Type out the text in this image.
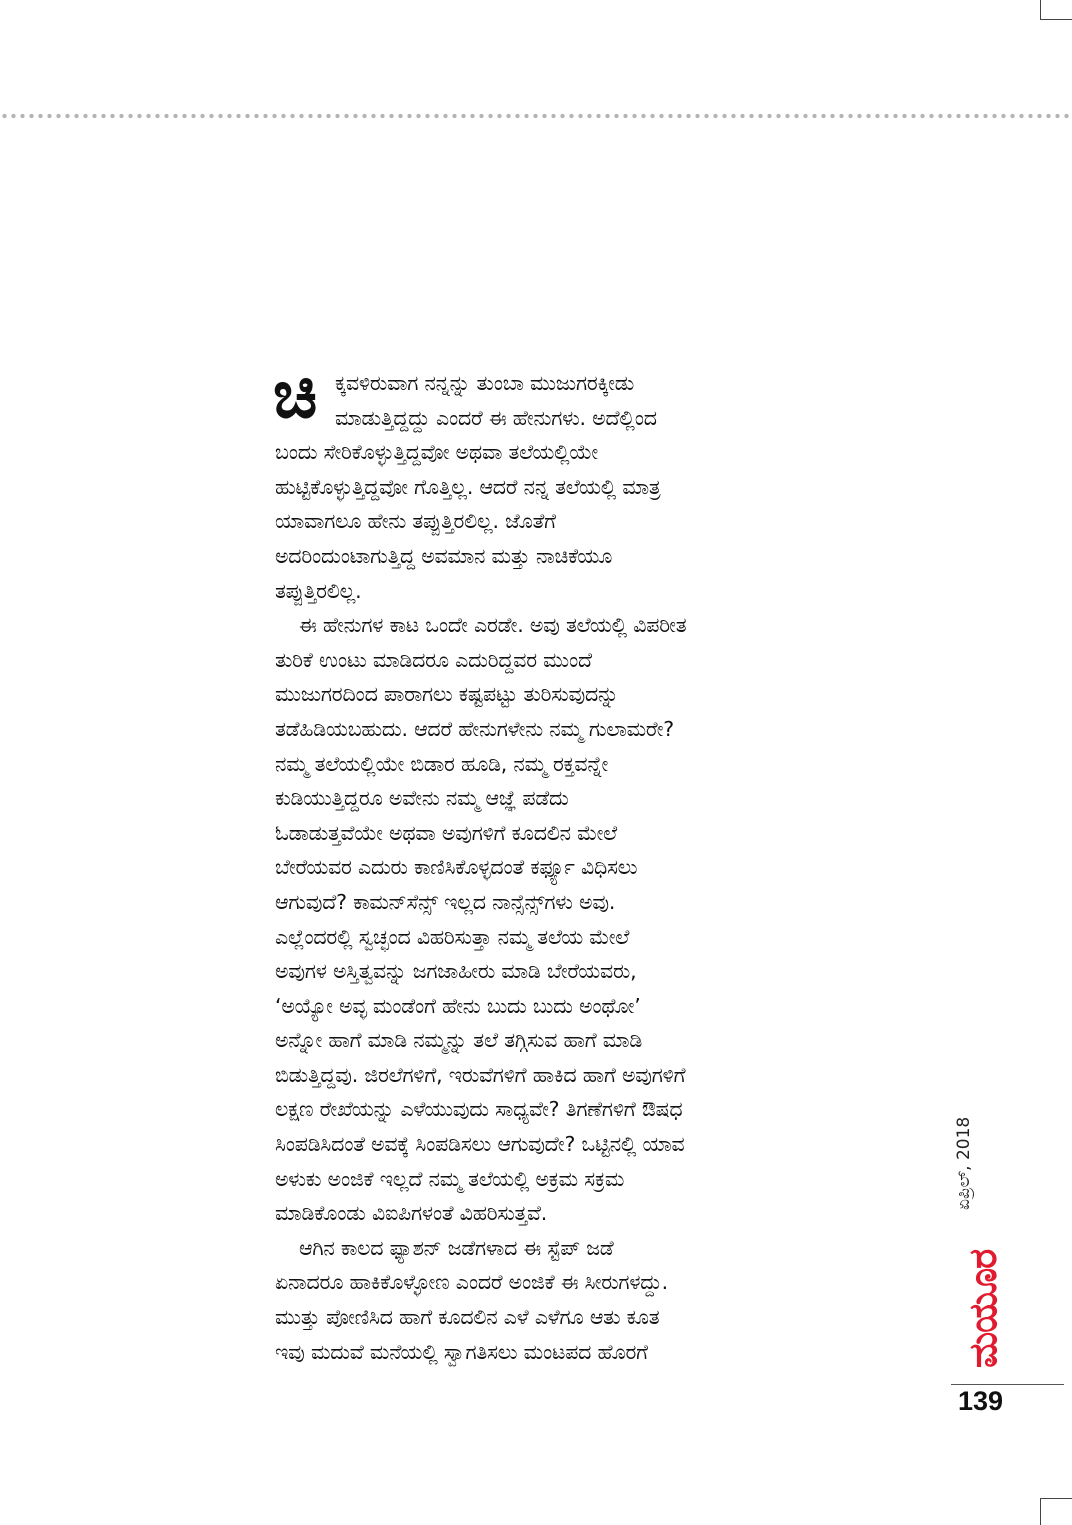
ಚಿ ಕ್ಕವಳಿರುವಾಗ ನನ್ನನ್ನು ತುಂಬಾ ಮುಜುಗರಕ್ಕೀಡು
ಮಾಡುತ್ತಿದ್ದದ್ದು ಎಂದರೆ ಈ ಹೇನುಗಳು. ಅದೆಲ್ಲಿಂದ
ಬಂದು ಸೇರಿಕೊಳ್ಳುತ್ತಿದ್ದವೋ ಅಥವಾ ತಲೆಯಲ್ಲಿಯೇ
ಹುಟ್ಟಿಕೊಳ್ಳುತ್ತಿದ್ದವೋ ಗೊತ್ತಿಲ್ಲ. ಆದರೆ ನನ್ನ ತಲೆಯಲ್ಲಿ ಮಾತ್ರ
ಯಾವಾಗಲೂ ಹೇನು ತಪ್ಪುತ್ತಿರಲಿಲ್ಲ. ಜೊತೆಗೆ
ಅದರಿಂದುಂಟಾಗುತ್ತಿದ್ದ ಅವಮಾನ ಮತ್ತು ನಾಚಿಕೆಯೂ
ತಪ್ಪುತ್ತಿರಲಿಲ್ಲ.
ಈ ಹೇನುಗಳ ಕಾಟ ಒಂದೇ ಎರಡೇ. ಅವು ತಲೆಯಲ್ಲಿ ವಿಪರೀತ
ತುರಿಕೆ ಉಂಟು ಮಾಡಿದರೂ ಎದುರಿದ್ದವರ ಮುಂದೆ
ಮುಜುಗರದಿಂದ ಪಾರಾಗಲು ಕಷ್ಟಪಟ್ಟು ತುರಿಸುವುದನ್ನು
ತಡೆಹಿಡಿಯಬಹುದು. ಆದರೆ ಹೇನುಗಳೇನು ನಮ್ಮ ಗುಲಾಮರೇ?
ನಮ್ಮ ತಲೆಯಲ್ಲಿಯೇ ಬಿಡಾರ ಹೂಡಿ, ನಮ್ಮ ರಕ್ತವನ್ನೇ
ಕುಡಿಯುತ್ತಿದ್ದರೂ ಅವೇನು ನಮ್ಮ ಆಜ್ಞೆ ಪಡೆದು
ಓಡಾಡುತ್ತವೆಯೇ ಅಥವಾ ಅವುಗಳಿಗೆ ಕೂದಲಿನ ಮೇಲೆ
ಬೇರೆಯವರ ಎದುರು ಕಾಣಿಸಿಕೊಳ್ಳದಂತೆ ಕರ್ಫ್ಯೂ ವಿಧಿಸಲು
ಆಗುವುದೆ? ಕಾಮನ್‌ಸೆನ್ಸ್ ಇಲ್ಲದ ನಾನ್ಸೆನ್ಸ್‌ಗಳು ಅವು.
ಎಲ್ಲೆಂದರಲ್ಲಿ ಸ್ವಚ್ಛಂದ ವಿಹರಿಸುತ್ತಾ ನಮ್ಮ ತಲೆಯ ಮೇಲೆ
ಅವುಗಳ ಅಸ್ತಿತ್ವವನ್ನು ಜಗಜಾಹೀರು ಮಾಡಿ ಬೇರೆಯವರು,
‘ಅಯ್ಯೋ ಅವ್ಳ ಮಂಡೆಂಗೆ ಹೇನು ಬುದು ಬುದು ಅಂಥೋ’
ಅನ್ನೋ ಹಾಗೆ ಮಾಡಿ ನಮ್ಮನ್ನು ತಲೆ ತಗ್ಗಿಸುವ ಹಾಗೆ ಮಾಡಿ
ಬಿಡುತ್ತಿದ್ದವು. ಜಿರಲೆಗಳಿಗೆ, ಇರುವೆಗಳಿಗೆ ಹಾಕಿದ ಹಾಗೆ ಅವುಗಳಿಗೆ
ಲಕ್ಷಣ ರೇಖೆಯನ್ನು ಎಳೆಯುವುದು ಸಾಧ್ಯವೇ? ತಿಗಣೆಗಳಿಗೆ ಔಷಧ
ಸಿಂಪಡಿಸಿದಂತೆ ಅವಕ್ಕೆ ಸಿಂಪಡಿಸಲು ಆಗುವುದೇ? ಒಟ್ಟಿನಲ್ಲಿ ಯಾವ
ಅಳುಕು ಅಂಜಿಕೆ ಇಲ್ಲದೆ ನಮ್ಮ ತಲೆಯಲ್ಲಿ ಅಕ್ರಮ ಸಕ್ರಮ
ಮಾಡಿಕೊಂಡು ವಿಐಪಿಗಳಂತೆ ವಿಹರಿಸುತ್ತವೆ.
ಆಗಿನ ಕಾಲದ ಫ್ಯಾಶನ್ ಜಡೆಗಳಾದ ಈ ಸ್ಟೆಪ್ ಜಡೆ
ಏನಾದರೂ ಹಾಕಿಕೊಳ್ಳೋಣ ಎಂದರೆ ಅಂಜಿಕೆ ಈ ಸೀರುಗಳದ್ದು.
ಮುತ್ತು ಪೋಣಿಸಿದ ಹಾಗೆ ಕೂದಲಿನ ಎಳೆ ಎಳೆಗೂ ಆತು ಕೂತ
ಇವು ಮದುವೆ ಮನೆಯಲ್ಲಿ ಸ್ವಾಗತಿಸಲು ಮಂಟಪದ ಹೊರಗೆ
ಏಪ್ರಿಲ್, 2018
ಮಯೂರ
139
